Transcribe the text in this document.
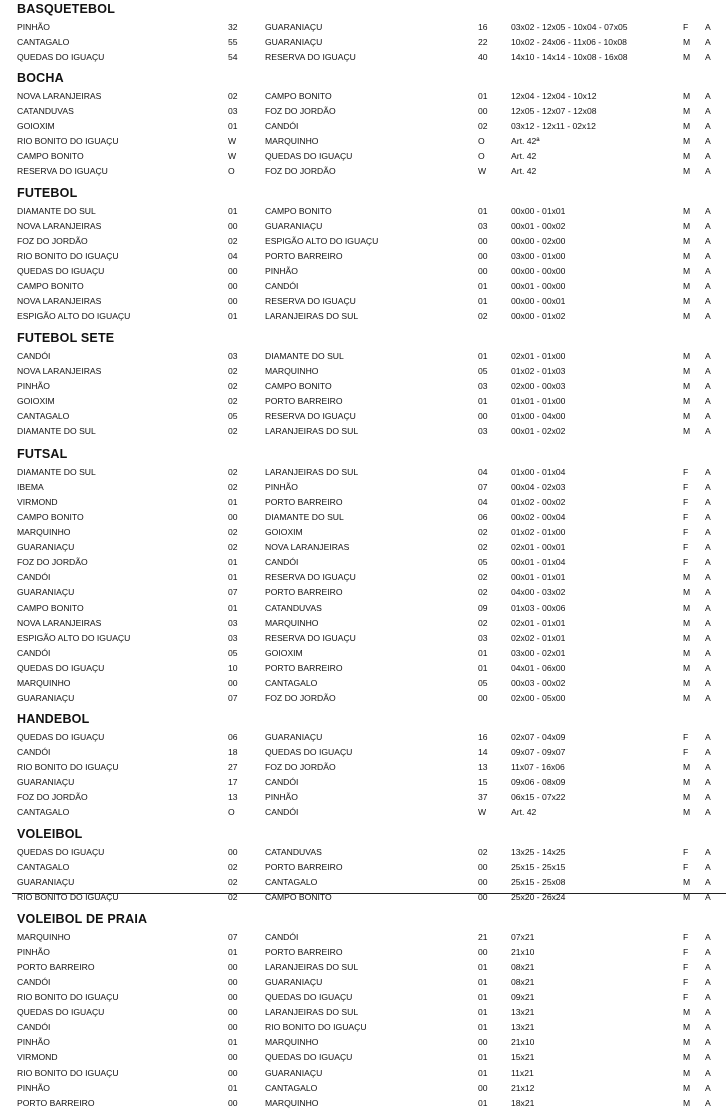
BASQUETEBOL
PINHÃO	32	GUARANIAÇU	16	03x02 - 12x05 - 10x04 - 07x05	F A
CANTAGALO	55	GUARANIAÇU	22	10x02 - 24x06 - 11x06 - 10x08	M A
QUEDAS DO IGUAÇU	54	RESERVA DO IGUAÇU	40	14x10 - 14x14 - 10x08 - 16x08	M A
BOCHA
NOVA LARANJEIRAS	02	CAMPO BONITO	01	12x04 - 12x04 - 10x12	M A
CATANDUVAS	03	FOZ DO JORDÃO	00	12x05 - 12x07 - 12x08	M A
GOIOXIM	01	CANDÓI	02	03x12 - 12x11 - 02x12	M A
RIO BONITO DO IGUAÇU	W	MARQUINHO	O	Art. 42ª	M A
CAMPO BONITO	W	QUEDAS DO IGUAÇU	O	Art. 42	M A
RESERVA DO IGUAÇU	O	FOZ DO JORDÃO	W	Art. 42	M A
FUTEBOL
DIAMANTE DO SUL	01	CAMPO BONITO	01	00x00 - 01x01	M A
NOVA LARANJEIRAS	00	GUARANIAÇU	03	00x01 - 00x02	M A
FOZ DO JORDÃO	02	ESPIGÃO ALTO DO IGUAÇU	00	00x00 - 02x00	M A
RIO BONITO DO IGUAÇU	04	PORTO BARREIRO	00	03x00 - 01x00	M A
QUEDAS DO IGUAÇU	00	PINHÃO	00	00x00 - 00x00	M A
CAMPO BONITO	00	CANDÓI	01	00x01 - 00x00	M A
NOVA LARANJEIRAS	00	RESERVA DO IGUAÇU	01	00x00 - 00x01	M A
ESPIGÃO ALTO DO IGUAÇU	01	LARANJEIRAS DO SUL	02	00x00 - 01x02	M A
FUTEBOL SETE
CANDÓI	03	DIAMANTE DO SUL	01	02x01 - 01x00	M A
NOVA LARANJEIRAS	02	MARQUINHO	05	01x02 - 01x03	M A
PINHÃO	02	CAMPO BONITO	03	02x00 - 00x03	M A
GOIOXIM	02	PORTO BARREIRO	01	01x01 - 01x00	M A
CANTAGALO	05	RESERVA DO IGUAÇU	00	01x00 - 04x00	M A
DIAMANTE DO SUL	02	LARANJEIRAS DO SUL	03	00x01 - 02x02	M A
FUTSAL
DIAMANTE DO SUL	02	LARANJEIRAS DO SUL	04	01x00 - 01x04	F A
IBEMA	02	PINHÃO	07	00x04 - 02x03	F A
VIRMOND	01	PORTO BARREIRO	04	01x02 - 00x02	F A
CAMPO BONITO	00	DIAMANTE DO SUL	06	00x02 - 00x04	F A
MARQUINHO	02	GOIOXIM	02	01x02 - 01x00	F A
GUARANIAÇU	02	NOVA LARANJEIRAS	02	02x01 - 00x01	F A
FOZ DO JORDÃO	01	CANDÓI	05	00x01 - 01x04	F A
CANDÓI	01	RESERVA DO IGUAÇU	02	00x01 - 01x01	M A
GUARANIAÇU	07	PORTO BARREIRO	02	04x00 - 03x02	M A
CAMPO BONITO	01	CATANDUVAS	09	01x03 - 00x06	M A
NOVA LARANJEIRAS	03	MARQUINHO	02	02x01 - 01x01	M A
ESPIGÃO ALTO DO IGUAÇU	03	RESERVA DO IGUAÇU	03	02x02 - 01x01	M A
CANDÓI	05	GOIOXIM	01	03x00 - 02x01	M A
QUEDAS DO IGUAÇU	10	PORTO BARREIRO	01	04x01 - 06x00	M A
MARQUINHO	00	CANTAGALO	05	00x03 - 00x02	M A
GUARANIAÇU	07	FOZ DO JORDÃO	00	02x00 - 05x00	M A
HANDEBOL
QUEDAS DO IGUAÇU	06	GUARANIAÇU	16	02x07 - 04x09	F A
CANDÓI	18	QUEDAS DO IGUAÇU	14	09x07 - 09x07	F A
RIO BONITO DO IGUAÇU	27	FOZ DO JORDÃO	13	11x07 - 16x06	M A
GUARANIAÇU	17	CANDÓI	15	09x06 - 08x09	M A
FOZ DO JORDÃO	13	PINHÃO	37	06x15 - 07x22	M A
CANTAGALO	O	CANDÓI	W	Art. 42	M A
VOLEIBOL
QUEDAS DO IGUAÇU	00	CATANDUVAS	02	13x25 - 14x25	F A
CANTAGALO	02	PORTO BARREIRO	00	25x15 - 25x15	F A
GUARANIAÇU	02	CANTAGALO	00	25x15 - 25x08	M A
RIO BONITO DO IGUAÇU	02	CAMPO BONITO	00	25x20 - 26x24	M A
VOLEIBOL DE PRAIA
MARQUINHO	07	CANDÓI	21	07x21	F A
PINHÃO	01	PORTO BARREIRO	00	21x10	F A
PORTO BARREIRO	00	LARANJEIRAS DO SUL	01	08x21	F A
CANDÓI	00	GUARANIAÇU	01	08x21	F A
RIO BONITO DO IGUAÇU	00	QUEDAS DO IGUAÇU	01	09x21	F A
QUEDAS DO IGUAÇU	00	LARANJEIRAS DO SUL	01	13x21	M A
CANDÓI	00	RIO BONITO DO IGUAÇU	01	13x21	M A
PINHÃO	01	MARQUINHO	00	21x10	M A
VIRMOND	00	QUEDAS DO IGUAÇU	01	15x21	M A
RIO BONITO DO IGUAÇU	00	GUARANIAÇU	01	11x21	M A
PINHÃO	01	CANTAGALO	00	21x12	M A
PORTO BARREIRO	00	MARQUINHO	01	18x21	M A
